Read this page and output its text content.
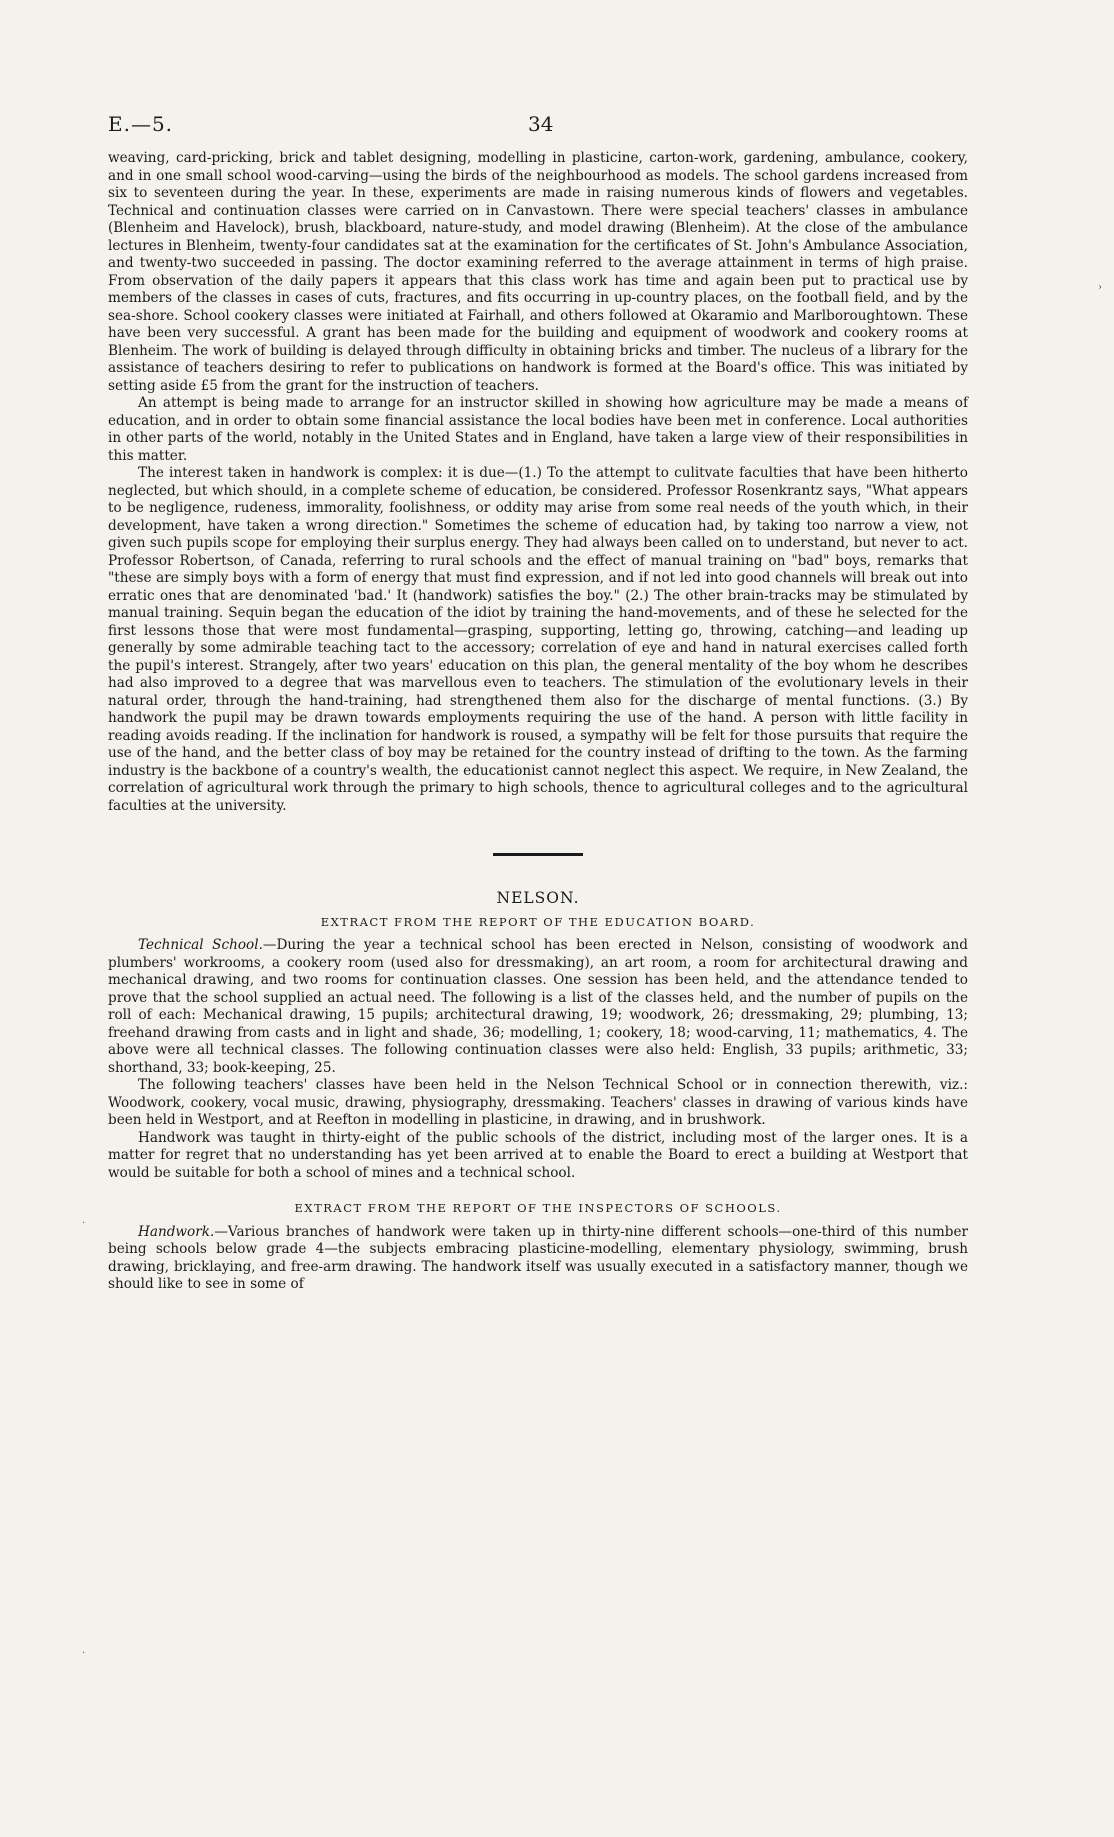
E.—5.	34
›
·
·

weaving, card-pricking, brick and tablet designing, modelling in plasticine, carton-work, gardening, ambulance, cookery, and in one small school wood-carving—using the birds of the neighbourhood as models. The school gardens increased from six to seventeen during the year. In these, experiments are made in raising numerous kinds of flowers and vegetables. Technical and continuation classes were carried on in Canvastown. There were special teachers' classes in ambulance (Blenheim and Havelock), brush, blackboard, nature-study, and model drawing (Blenheim). At the close of the ambulance lectures in Blenheim, twenty-four candidates sat at the examination for the certificates of St. John's Ambulance Association, and twenty-two succeeded in passing. The doctor examining referred to the average attainment in terms of high praise. From observation of the daily papers it appears that this class work has time and again been put to practical use by members of the classes in cases of cuts, fractures, and fits occurring in up-country places, on the football field, and by the sea-shore. School cookery classes were initiated at Fairhall, and others followed at Okaramio and Marlboroughtown. These have been very successful. A grant has been made for the building and equipment of woodwork and cookery rooms at Blenheim. The work of building is delayed through difficulty in obtaining bricks and timber. The nucleus of a library for the assistance of teachers desiring to refer to publications on handwork is formed at the Board's office. This was initiated by setting aside £5 from the grant for the instruction of teachers.

An attempt is being made to arrange for an instructor skilled in showing how agriculture may be made a means of education, and in order to obtain some financial assistance the local bodies have been met in conference. Local authorities in other parts of the world, notably in the United States and in England, have taken a large view of their responsibilities in this matter.

The interest taken in handwork is complex: it is due—(1.) To the attempt to culitvate faculties that have been hitherto neglected, but which should, in a complete scheme of education, be considered. Professor Rosenkrantz says, "What appears to be negligence, rudeness, immorality, foolishness, or oddity may arise from some real needs of the youth which, in their development, have taken a wrong direction." Sometimes the scheme of education had, by taking too narrow a view, not given such pupils scope for employing their surplus energy. They had always been called on to understand, but never to act. Professor Robertson, of Canada, referring to rural schools and the effect of manual training on "bad" boys, remarks that "these are simply boys with a form of energy that must find expression, and if not led into good channels will break out into erratic ones that are denominated 'bad.' It (handwork) satisfies the boy." (2.) The other brain-tracks may be stimulated by manual training. Sequin began the education of the idiot by training the hand-movements, and of these he selected for the first lessons those that were most fundamental—grasping, supporting, letting go, throwing, catching—and leading up generally by some admirable teaching tact to the accessory; correlation of eye and hand in natural exercises called forth the pupil's interest. Strangely, after two years' education on this plan, the general mentality of the boy whom he describes had also improved to a degree that was marvellous even to teachers. The stimulation of the evolutionary levels in their natural order, through the hand-training, had strengthened them also for the discharge of mental functions. (3.) By handwork the pupil may be drawn towards employments requiring the use of the hand. A person with little facility in reading avoids reading. If the inclination for handwork is roused, a sympathy will be felt for those pursuits that require the use of the hand, and the better class of boy may be retained for the country instead of drifting to the town. As the farming industry is the backbone of a country's wealth, the educationist cannot neglect this aspect. We require, in New Zealand, the correlation of agricultural work through the primary to high schools, thence to agricultural colleges and to the agricultural faculties at the university.

NELSON.

EXTRACT FROM THE REPORT OF THE EDUCATION BOARD.

Technical School.—During the year a technical school has been erected in Nelson, consisting of woodwork and plumbers' workrooms, a cookery room (used also for dressmaking), an art room, a room for architectural drawing and mechanical drawing, and two rooms for continuation classes. One session has been held, and the attendance tended to prove that the school supplied an actual need. The following is a list of the classes held, and the number of pupils on the roll of each: Mechanical drawing, 15 pupils; architectural drawing, 19; woodwork, 26; dressmaking, 29; plumbing, 13; freehand drawing from casts and in light and shade, 36; modelling, 1; cookery, 18; wood-carving, 11; mathematics, 4. The above were all technical classes. The following continuation classes were also held: English, 33 pupils; arithmetic, 33; shorthand, 33; book-keeping, 25.

The following teachers' classes have been held in the Nelson Technical School or in connection therewith, viz.: Woodwork, cookery, vocal music, drawing, physiography, dressmaking. Teachers' classes in drawing of various kinds have been held in Westport, and at Reefton in modelling in plasticine, in drawing, and in brushwork.

Handwork was taught in thirty-eight of the public schools of the district, including most of the larger ones. It is a matter for regret that no understanding has yet been arrived at to enable the Board to erect a building at Westport that would be suitable for both a school of mines and a technical school.

EXTRACT FROM THE REPORT OF THE INSPECTORS OF SCHOOLS.

Handwork.—Various branches of handwork were taken up in thirty-nine different schools—one-third of this number being schools below grade 4—the subjects embracing plasticine-modelling, elementary physiology, swimming, brush drawing, bricklaying, and free-arm drawing. The handwork itself was usually executed in a satisfactory manner, though we should like to see in some of
